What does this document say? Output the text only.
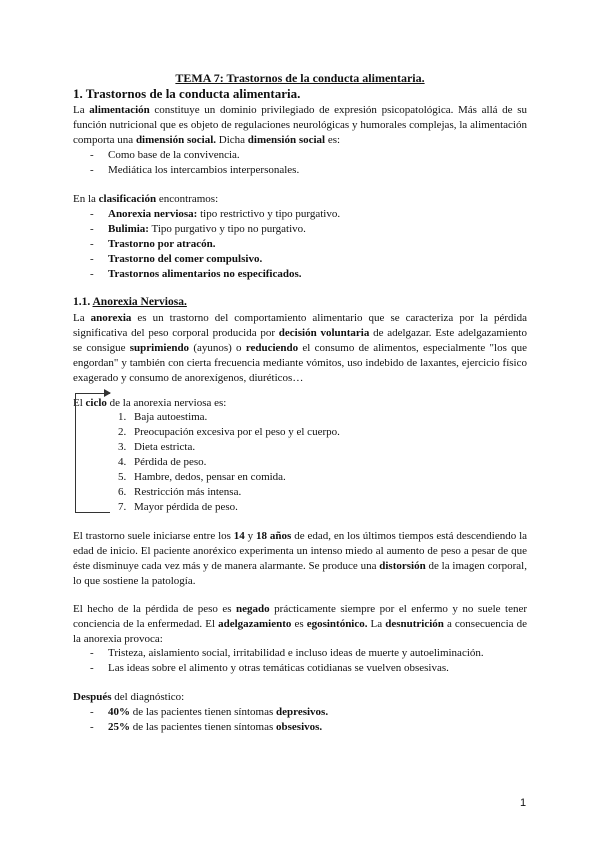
TEMA 7: Trastornos de la conducta alimentaria.
1. Trastornos de la conducta alimentaria.
La alimentación constituye un dominio privilegiado de expresión psicopatológica. Más allá de su función nutricional que es objeto de regulaciones neurológicas y humorales complejas, la alimentación comporta una dimensión social. Dicha dimensión social es:
- Como base de la convivencia.
- Mediática los intercambios interpersonales.
En la clasificación encontramos:
- Anorexia nerviosa: tipo restrictivo y tipo purgativo.
- Bulimia: Tipo purgativo y tipo no purgativo.
- Trastorno por atracón.
- Trastorno del comer compulsivo.
- Trastornos alimentarios no especificados.
1.1. Anorexia Nerviosa.
La anorexia es un trastorno del comportamiento alimentario que se caracteriza por la pérdida significativa del peso corporal producida por decisión voluntaria de adelgazar. Este adelgazamiento se consigue suprimiendo (ayunos) o reduciendo el consumo de alimentos, especialmente "los que engordan" y también con cierta frecuencia mediante vómitos, uso indebido de laxantes, ejercicio físico exagerado y consumo de anorexígenos, diuréticos…
El ciclo de la anorexia nerviosa es:
1. Baja autoestima.
2. Preocupación excesiva por el peso y el cuerpo.
3. Dieta estricta.
4. Pérdida de peso.
5. Hambre, dedos, pensar en comida.
6. Restricción más intensa.
7. Mayor pérdida de peso.
El trastorno suele iniciarse entre los 14 y 18 años de edad, en los últimos tiempos está descendiendo la edad de inicio. El paciente anoréxico experimenta un intenso miedo al aumento de peso a pesar de que éste disminuye cada vez más y de manera alarmante. Se produce una distorsión de la imagen corporal, lo que sostiene la patología.
El hecho de la pérdida de peso es negado prácticamente siempre por el enfermo y no suele tener conciencia de la enfermedad. El adelgazamiento es egosintónico. La desnutrición a consecuencia de la anorexia provoca:
- Tristeza, aislamiento social, irritabilidad e incluso ideas de muerte y autoeliminación.
- Las ideas sobre el alimento y otras temáticas cotidianas se vuelven obsesivas.
Después del diagnóstico:
- 40% de las pacientes tienen síntomas depresivos.
- 25% de las pacientes tienen síntomas obsesivos.
1
